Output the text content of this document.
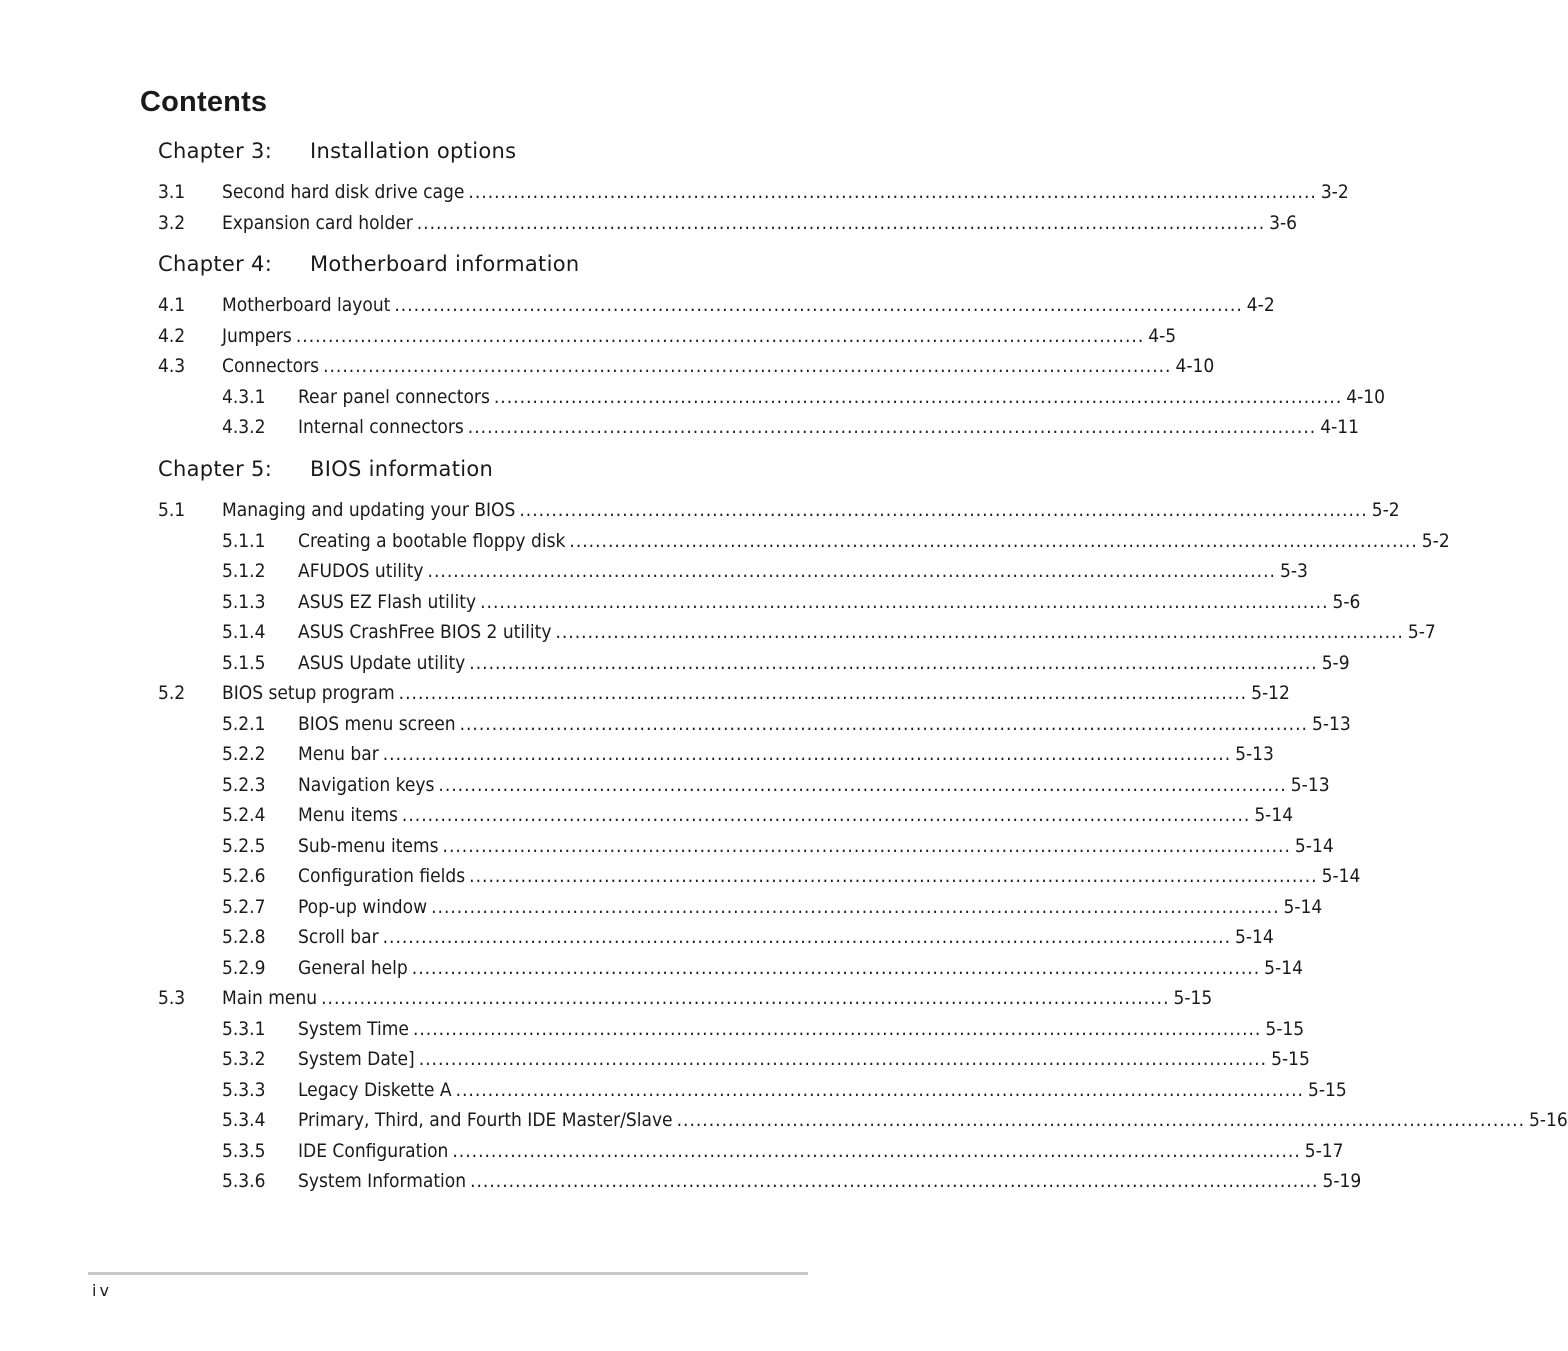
Contents
Chapter 3: Installation options
3.1 Second hard disk drive cage .................................................................................................................................... 3-2
3.2 Expansion card holder .................................................................................................................................... 3-6
Chapter 4: Motherboard information
4.1 Motherboard layout .................................................................................................................................... 4-2
4.2 Jumpers .................................................................................................................................... 4-5
4.3 Connectors .................................................................................................................................... 4-10
4.3.1 Rear panel connectors .................................................................................................................................... 4-10
4.3.2 Internal connectors .................................................................................................................................... 4-11
Chapter 5: BIOS information
5.1 Managing and updating your BIOS .................................................................................................................................... 5-2
5.1.1 Creating a bootable floppy disk .................................................................................................................................... 5-2
5.1.2 AFUDOS utility .................................................................................................................................... 5-3
5.1.3 ASUS EZ Flash utility .................................................................................................................................... 5-6
5.1.4 ASUS CrashFree BIOS 2 utility .................................................................................................................................... 5-7
5.1.5 ASUS Update utility .................................................................................................................................... 5-9
5.2 BIOS setup program .................................................................................................................................... 5-12
5.2.1 BIOS menu screen .................................................................................................................................... 5-13
5.2.2 Menu bar .................................................................................................................................... 5-13
5.2.3 Navigation keys .................................................................................................................................... 5-13
5.2.4 Menu items .................................................................................................................................... 5-14
5.2.5 Sub-menu items .................................................................................................................................... 5-14
5.2.6 Configuration fields .................................................................................................................................... 5-14
5.2.7 Pop-up window .................................................................................................................................... 5-14
5.2.8 Scroll bar .................................................................................................................................... 5-14
5.2.9 General help .................................................................................................................................... 5-14
5.3 Main menu .................................................................................................................................... 5-15
5.3.1 System Time .................................................................................................................................... 5-15
5.3.2 System Date] .................................................................................................................................... 5-15
5.3.3 Legacy Diskette A .................................................................................................................................... 5-15
5.3.4 Primary, Third, and Fourth IDE Master/Slave .................................................................................................................................... 5-16
5.3.5 IDE Configuration .................................................................................................................................... 5-17
5.3.6 System Information .................................................................................................................................... 5-19
iv
